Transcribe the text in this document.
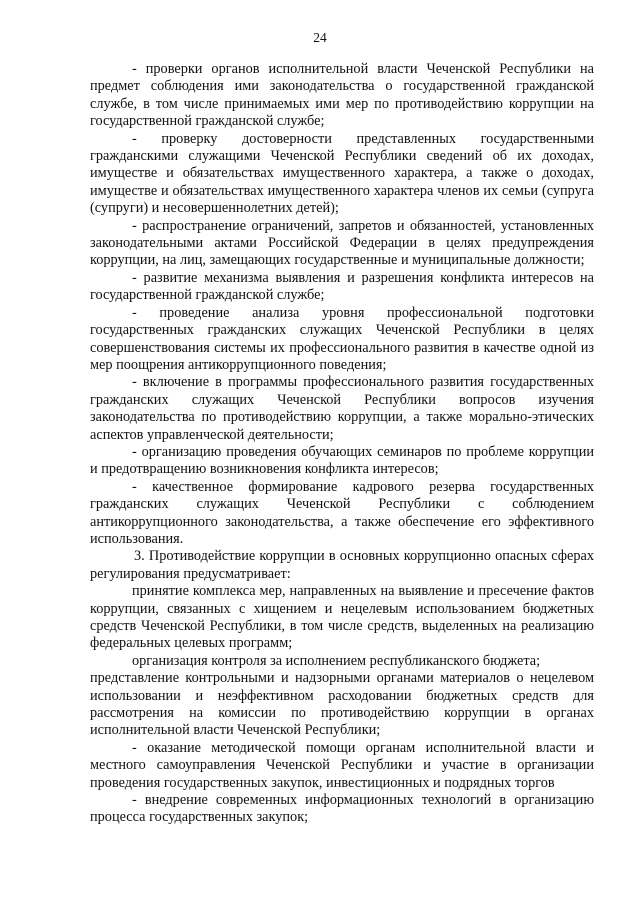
24

- проверки органов исполнительной власти Чеченской Республики на предмет соблюдения ими законодательства о государственной гражданской службе, в том числе принимаемых ими мер по противодействию коррупции на государственной гражданской службе;

- проверку достоверности представленных государственными гражданскими служащими Чеченской Республики сведений об их доходах, имуществе и обязательствах имущественного характера, а также о доходах, имуществе и обязательствах имущественного характера членов их семьи (супруга (супруги) и несовершеннолетних детей);

- распространение ограничений, запретов и обязанностей, установленных законодательными актами Российской Федерации в целях предупреждения коррупции, на лиц, замещающих государственные и муниципальные должности;

- развитие механизма выявления и разрешения конфликта интересов на государственной гражданской службе;

- проведение анализа уровня профессиональной подготовки государственных гражданских служащих Чеченской Республики в целях совершенствования системы их профессионального развития в качестве одной из мер поощрения антикоррупционного поведения;

- включение в программы профессионального развития государственных гражданских служащих Чеченской Республики вопросов изучения законодательства по противодействию коррупции, а также морально-этических аспектов управленческой деятельности;

- организацию проведения обучающих семинаров по проблеме коррупции и предотвращению возникновения конфликта интересов;

- качественное формирование кадрового резерва государственных гражданских служащих Чеченской Республики с соблюдением антикоррупционного законодательства, а также обеспечение его эффективного использования.

3. Противодействие коррупции в основных коррупционно опасных сферах регулирования предусматривает:

принятие комплекса мер, направленных на выявление и пресечение фактов коррупции, связанных с хищением и нецелевым использованием бюджетных средств Чеченской Республики, в том числе средств, выделенных на реализацию федеральных целевых программ;

организация контроля за исполнением республиканского бюджета;

представление контрольными и надзорными органами материалов о нецелевом использовании и неэффективном расходовании бюджетных средств для рассмотрения на комиссии по противодействию коррупции в органах исполнительной власти Чеченской Республики;

- оказание методической помощи органам исполнительной власти и местного самоуправления Чеченской Республики и участие в организации проведения государственных закупок, инвестиционных и подрядных торгов

- внедрение современных информационных технологий в организацию процесса государственных закупок;
